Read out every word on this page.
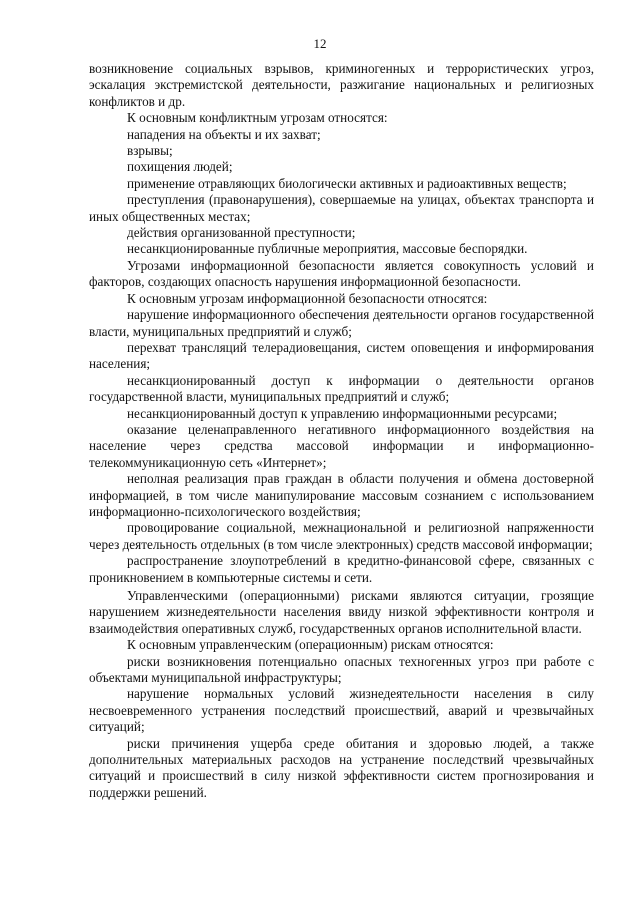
12

возникновение социальных взрывов, криминогенных и террористических угроз, эскалация экстремистской деятельности, разжигание национальных и религиозных конфликтов и др.

К основным конфликтным угрозам относятся:

нападения на объекты и их захват;

взрывы;

похищения людей;

применение отравляющих биологически активных и радиоактивных веществ;

преступления (правонарушения), совершаемые на улицах, объектах транспорта и иных общественных местах;

действия организованной преступности;

несанкционированные публичные мероприятия, массовые беспорядки.

Угрозами информационной безопасности является совокупность условий и факторов, создающих опасность нарушения информационной безопасности.

К основным угрозам информационной безопасности относятся:

нарушение информационного обеспечения деятельности органов государственной власти, муниципальных предприятий и служб;

перехват трансляций телерадиовещания, систем оповещения и информирования населения;

несанкционированный доступ к информации о деятельности органов государственной власти, муниципальных предприятий и служб;

несанкционированный доступ к управлению информационными ресурсами;

оказание целенаправленного негативного информационного воздействия на население через средства массовой информации и информационно-телекоммуникационную сеть «Интернет»;

неполная реализация прав граждан в области получения и обмена достоверной информацией, в том числе манипулирование массовым сознанием с использованием информационно-психологического воздействия;

провоцирование социальной, межнациональной и религиозной напряженности через деятельность отдельных (в том числе электронных) средств массовой информации;

распространение злоупотреблений в кредитно-финансовой сфере, связанных с проникновением в компьютерные системы и сети.

Управленческими (операционными) рисками являются ситуации, грозящие нарушением жизнедеятельности населения ввиду низкой эффективности контроля и взаимодействия оперативных служб, государственных органов исполнительной власти.

К основным управленческим (операционным) рискам относятся:

риски возникновения потенциально опасных техногенных угроз при работе с объектами муниципальной инфраструктуры;

нарушение нормальных условий жизнедеятельности населения в силу несвоевременного устранения последствий происшествий, аварий и чрезвычайных ситуаций;

риски причинения ущерба среде обитания и здоровью людей, а также дополнительных материальных расходов на устранение последствий чрезвычайных ситуаций и происшествий в силу низкой эффективности систем прогнозирования и поддержки решений.
